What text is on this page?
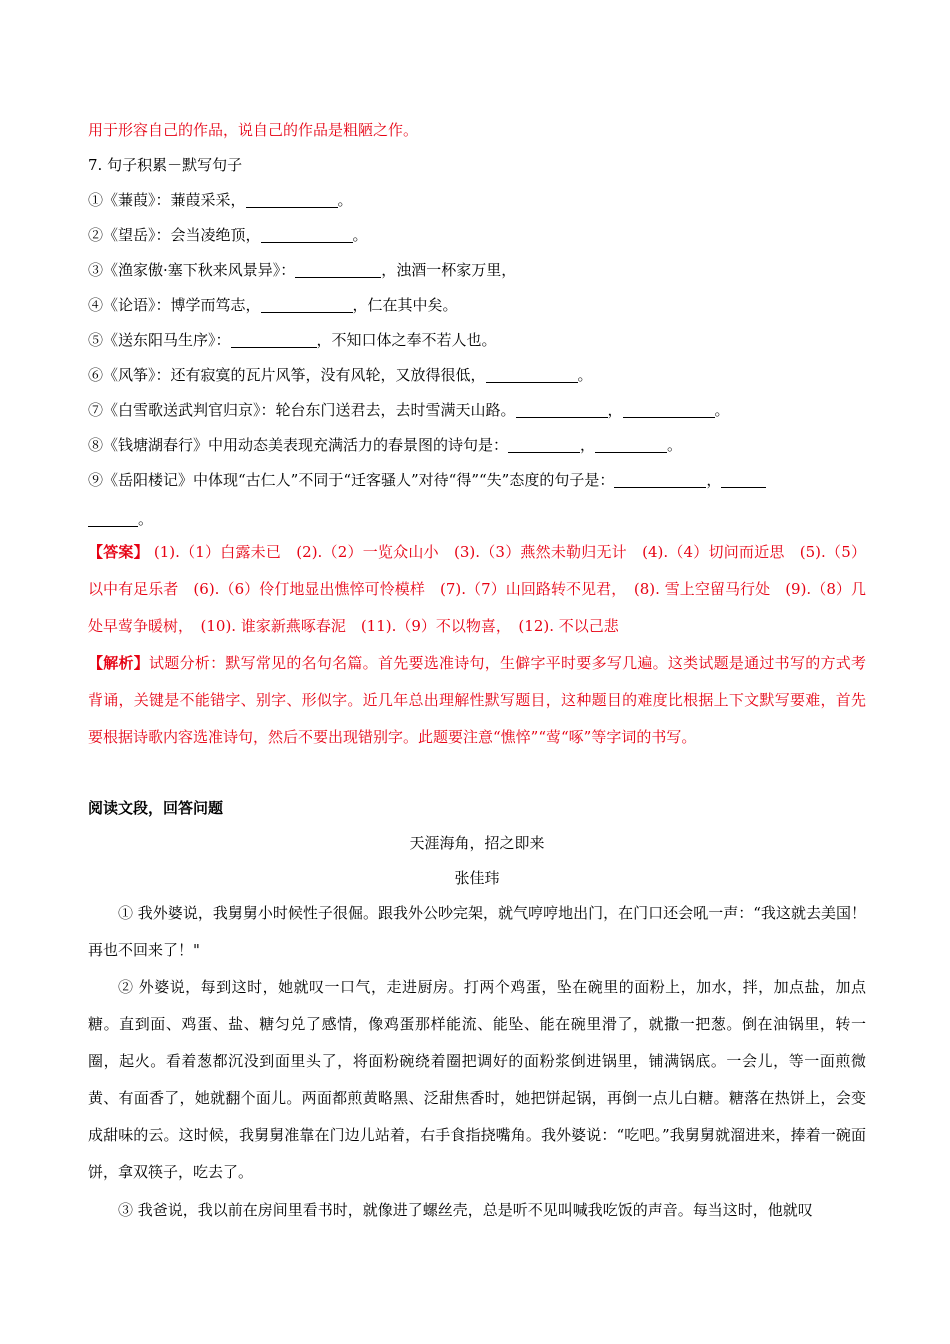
用于形容自己的作品，说自己的作品是粗陋之作。
7. 句子积累－默写句子
①《蒹葭》：蒹葭采采，	。
②《望岳》：会当凌绝顶，	。
③《渔家傲·塞下秋来风景异》：	，浊酒一杯家万里，
④《论语》：博学而笃志，	，仁在其中矣。
⑤《送东阳马生序》：	，不知口体之奉不若人也。
⑥《风筝》：还有寂寞的瓦片风筝，没有风轮，又放得很低，	。
⑦《白雪歌送武判官归京》：轮台东门送君去，去时雪满天山路。	，	。
⑧《钱塘湖春行》中用动态美表现充满活力的春景图的诗句是：	，	。
⑨《岳阳楼记》中体现“古仁人”不同于“迁客骚人”对待“得”“失”态度的句子是：	，
。
【答案】 (1).（1）白露未已　(2).（2）一览众山小　(3).（3）燕然未勒归无计　(4).（4）切问而近思　(5).（5）以中有足乐者　(6).（6）伶仃地显出憔悴可怜模样　(7).（7）山回路转不见君，　(8). 雪上空留马行处　(9).（8）几处早莺争暖树，　(10). 谁家新燕啄春泥　(11).（9）不以物喜，　(12). 不以己悲
【解析】试题分析：默写常见的名句名篇。首先要选准诗句，生僻字平时要多写几遍。这类试题是通过书写的方式考背诵，关键是不能错字、别字、形似字。近几年总出理解性默写题目，这种题目的难度比根据上下文默写要难，首先要根据诗歌内容选准诗句，然后不要出现错别字。此题要注意“憔悴”“莺“啄”等字词的书写。
阅读文段，回答问题
天涯海角，招之即来
张佳玮
① 我外婆说，我舅舅小时候性子很倔。跟我外公吵完架，就气哼哼地出门，在门口还会吼一声：“我这就去美国！再也不回来了！"
② 外婆说，每到这时，她就叹一口气，走进厨房。打两个鸡蛋，坠在碗里的面粉上，加水，拌，加点盐，加点糖。直到面、鸡蛋、盐、糖匀兑了感情，像鸡蛋那样能流、能坠、能在碗里滑了，就撒一把葱。倒在油锅里，转一圈，起火。看着葱都沉没到面里头了，将面粉碗绕着圈把调好的面粉浆倒进锅里，铺满锅底。一会儿，等一面煎微黄、有面香了，她就翻个面儿。两面都煎黄略黑、泛甜焦香时，她把饼起锅，再倒一点儿白糖。糖落在热饼上，会变成甜味的云。这时候，我舅舅准靠在门边儿站着，右手食指挠嘴角。我外婆说：“吃吧。”我舅舅就溜进来，捧着一碗面饼，拿双筷子，吃去了。
③ 我爸说，我以前在房间里看书时，就像进了螺丝壳，总是听不见叫喊我吃饭的声音。每当这时，他就叹
